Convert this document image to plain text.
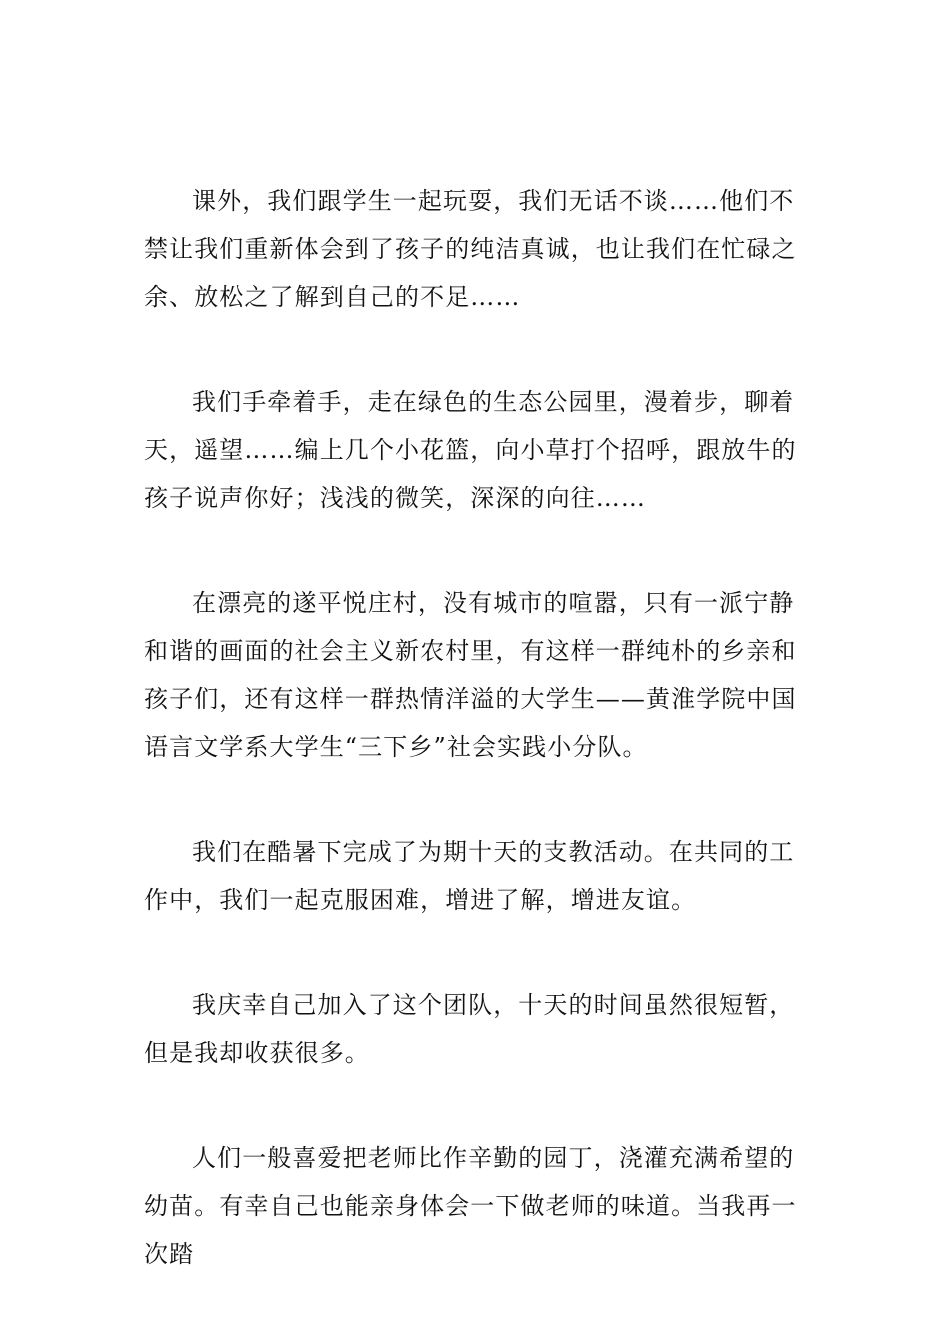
课外，我们跟学生一起玩耍，我们无话不谈……他们不禁让我们重新体会到了孩子的纯洁真诚，也让我们在忙碌之余、放松之了解到自己的不足……

我们手牵着手，走在绿色的生态公园里，漫着步，聊着天，遥望……编上几个小花篮，向小草打个招呼，跟放牛的孩子说声你好；浅浅的微笑，深深的向往……

在漂亮的遂平悦庄村，没有城市的喧嚣，只有一派宁静和谐的画面的社会主义新农村里，有这样一群纯朴的乡亲和孩子们，还有这样一群热情洋溢的大学生——黄淮学院中国语言文学系大学生“三下乡”社会实践小分队。

我们在酷暑下完成了为期十天的支教活动。在共同的工作中，我们一起克服困难，增进了解，增进友谊。

我庆幸自己加入了这个团队，十天的时间虽然很短暂，但是我却收获很多。

人们一般喜爱把老师比作辛勤的园丁，浇灌充满希望的幼苗。有幸自己也能亲身体会一下做老师的味道。当我再一次踏
